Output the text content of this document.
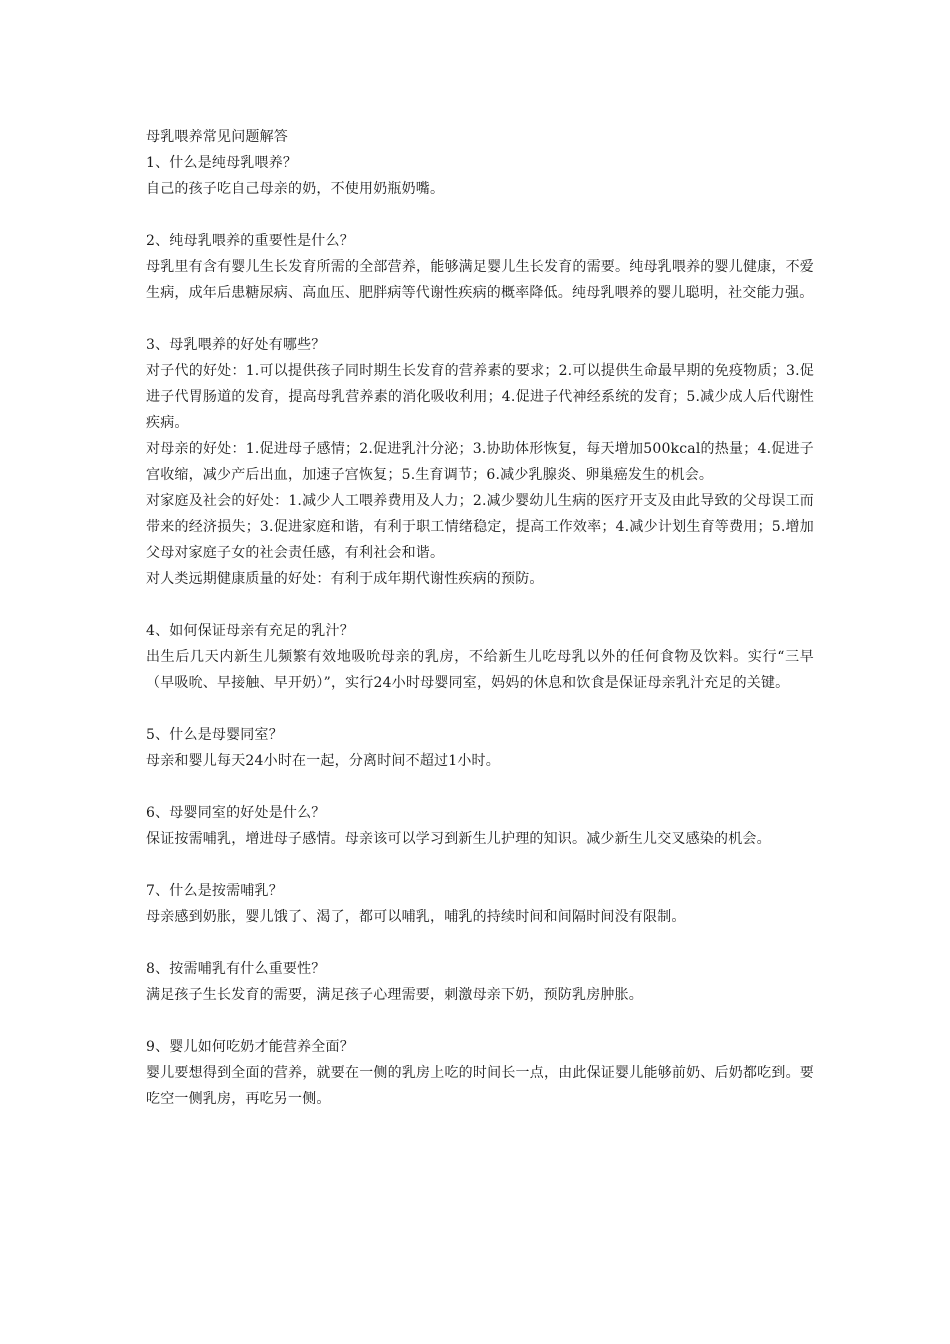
母乳喂养常见问题解答

1、什么是纯母乳喂养？

自己的孩子吃自己母亲的奶，不使用奶瓶奶嘴。

2、纯母乳喂养的重要性是什么？

母乳里有含有婴儿生长发育所需的全部营养，能够满足婴儿生长发育的需要。纯母乳喂养的婴儿健康，不爱生病，成年后患糖尿病、高血压、肥胖病等代谢性疾病的概率降低。纯母乳喂养的婴儿聪明，社交能力强。

3、母乳喂养的好处有哪些？

对子代的好处：1.可以提供孩子同时期生长发育的营养素的要求；2.可以提供生命最早期的免疫物质；3.促进子代胃肠道的发育，提高母乳营养素的消化吸收利用；4.促进子代神经系统的发育；5.减少成人后代谢性疾病。

对母亲的好处：1.促进母子感情；2.促进乳汁分泌；3.协助体形恢复，每天增加500kcal的热量；4.促进子宫收缩，减少产后出血，加速子宫恢复；5.生育调节；6.减少乳腺炎、卵巢癌发生的机会。

对家庭及社会的好处：1.减少人工喂养费用及人力；2.减少婴幼儿生病的医疗开支及由此导致的父母误工而带来的经济损失；3.促进家庭和谐，有利于职工情绪稳定，提高工作效率；4.减少计划生育等费用；5.增加父母对家庭子女的社会责任感，有利社会和谐。

对人类远期健康质量的好处：有利于成年期代谢性疾病的预防。

4、如何保证母亲有充足的乳汁？

出生后几天内新生儿频繁有效地吸吮母亲的乳房，不给新生儿吃母乳以外的任何食物及饮料。实行“三早（早吸吮、早接触、早开奶）”，实行24小时母婴同室，妈妈的休息和饮食是保证母亲乳汁充足的关键。

5、什么是母婴同室？

母亲和婴儿每天24小时在一起，分离时间不超过1小时。

6、母婴同室的好处是什么？

保证按需哺乳，增进母子感情。母亲该可以学习到新生儿护理的知识。减少新生儿交叉感染的机会。

7、什么是按需哺乳？

母亲感到奶胀，婴儿饿了、渴了，都可以哺乳，哺乳的持续时间和间隔时间没有限制。

8、按需哺乳有什么重要性？

满足孩子生长发育的需要，满足孩子心理需要，刺激母亲下奶，预防乳房肿胀。

9、婴儿如何吃奶才能营养全面？

婴儿要想得到全面的营养，就要在一侧的乳房上吃的时间长一点，由此保证婴儿能够前奶、后奶都吃到。要吃空一侧乳房，再吃另一侧。
